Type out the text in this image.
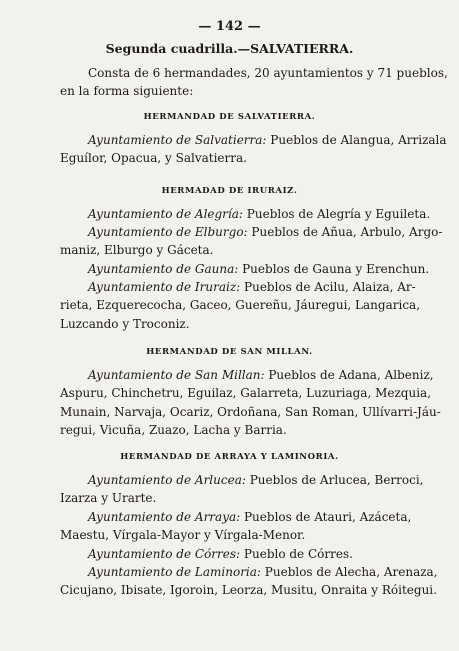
— 142 —
Segunda cuadrilla.—SALVATIERRA.
Consta de 6 hermandades, 20 ayuntamientos y 71 pueblos,
en la forma siguiente:
HERMANDAD DE SALVATIERRA.
Ayuntamiento de Salvatierra: Pueblos de Alangua, Arrizala
Eguílor, Opacua, y Salvatierra.
HERMADAD DE IRURAIZ.
Ayuntamiento de Alegría: Pueblos de Alegría y Eguileta.
Ayuntamiento de Elburgo: Pueblos de Añua, Arbulo, Argo-
maniz, Elburgo y Gáceta.
Ayuntamiento de Gauna: Pueblos de Gauna y Erenchun.
Ayuntamiento de Iruraiz: Pueblos de Acilu, Alaiza, Ar-
rieta, Ezquerecocha, Gaceo, Guereñu, Jáuregui, Langarica,
Luzcando y Troconiz.
HERMANDAD DE SAN MILLAN.
Ayuntamiento de San Millan: Pueblos de Adana, Albeniz,
Aspuru, Chinchetru, Eguilaz, Galarreta, Luzuriaga, Mezquia,
Munain, Narvaja, Ocariz, Ordoñana, San Roman, Ullívarri-Jáu-
regui, Vicuña, Zuazo, Lacha y Barria.
HERMANDAD DE ARRAYA Y LAMINORIA.
Ayuntamiento de Arlucea: Pueblos de Arlucea, Berroci,
Izarza y Urarte.
Ayuntamiento de Arraya: Pueblos de Atauri, Azáceta,
Maestu, Vírgala-Mayor y Vírgala-Menor.
Ayuntamiento de Córres: Pueblo de Córres.
Ayuntamiento de Laminoria: Pueblos de Alecha, Arenaza,
Cicujano, Ibisate, Igoroin, Leorza, Musitu, Onraita y Róitegui.
